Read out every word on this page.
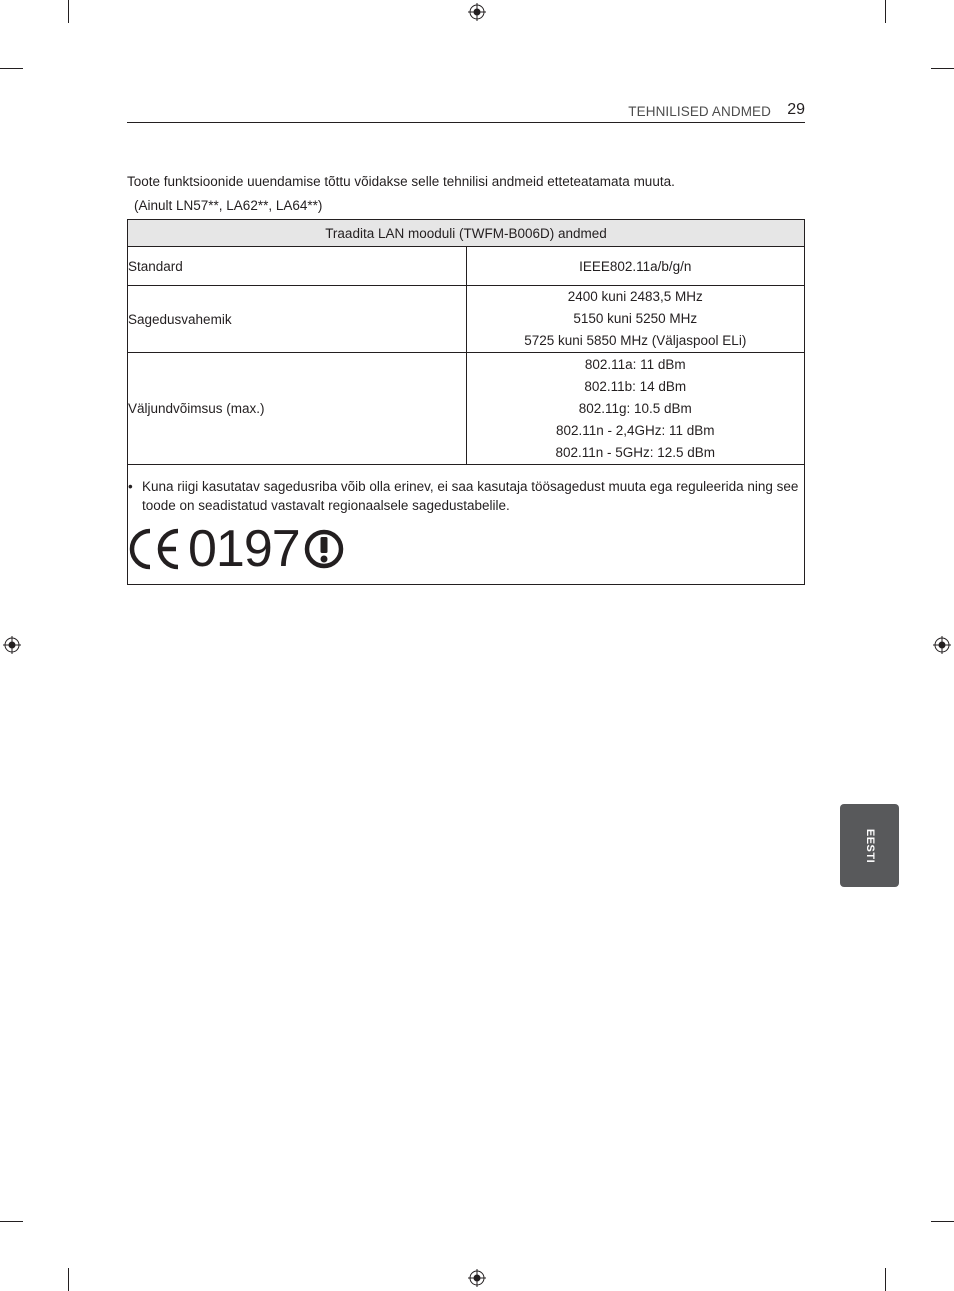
TEHNILISED ANDMED 29
Toote funktsioonide uuendamise tõttu võidakse selle tehnilisi andmeid etteteatamata muuta.
(Ainult LN57**, LA62**, LA64**)
Traadita LAN mooduli (TWFM-B006D) andmed	
Standard	IEEE802.11a/b/g/n
Sagedusvahemik	2400 kuni 2483,5 MHz
5150 kuni 5250 MHz
5725 kuni 5850 MHz (Väljaspool ELi)

Väljundvõimsus (max.)	802.11a: 11 dBm
802.11b: 14 dBm
802.11g: 10.5 dBm
802.11n - 2,4GHz: 11 dBm
802.11n - 5GHz: 12.5 dBm

• Kuna riigi kasutatav sagedusriba võib olla erinev, ei saa kasutaja töösagedust muuta ega reguleerida ning see toode on seadistatud vastavalt regionaalsele sagedustabelile.
0197	
EESTI
